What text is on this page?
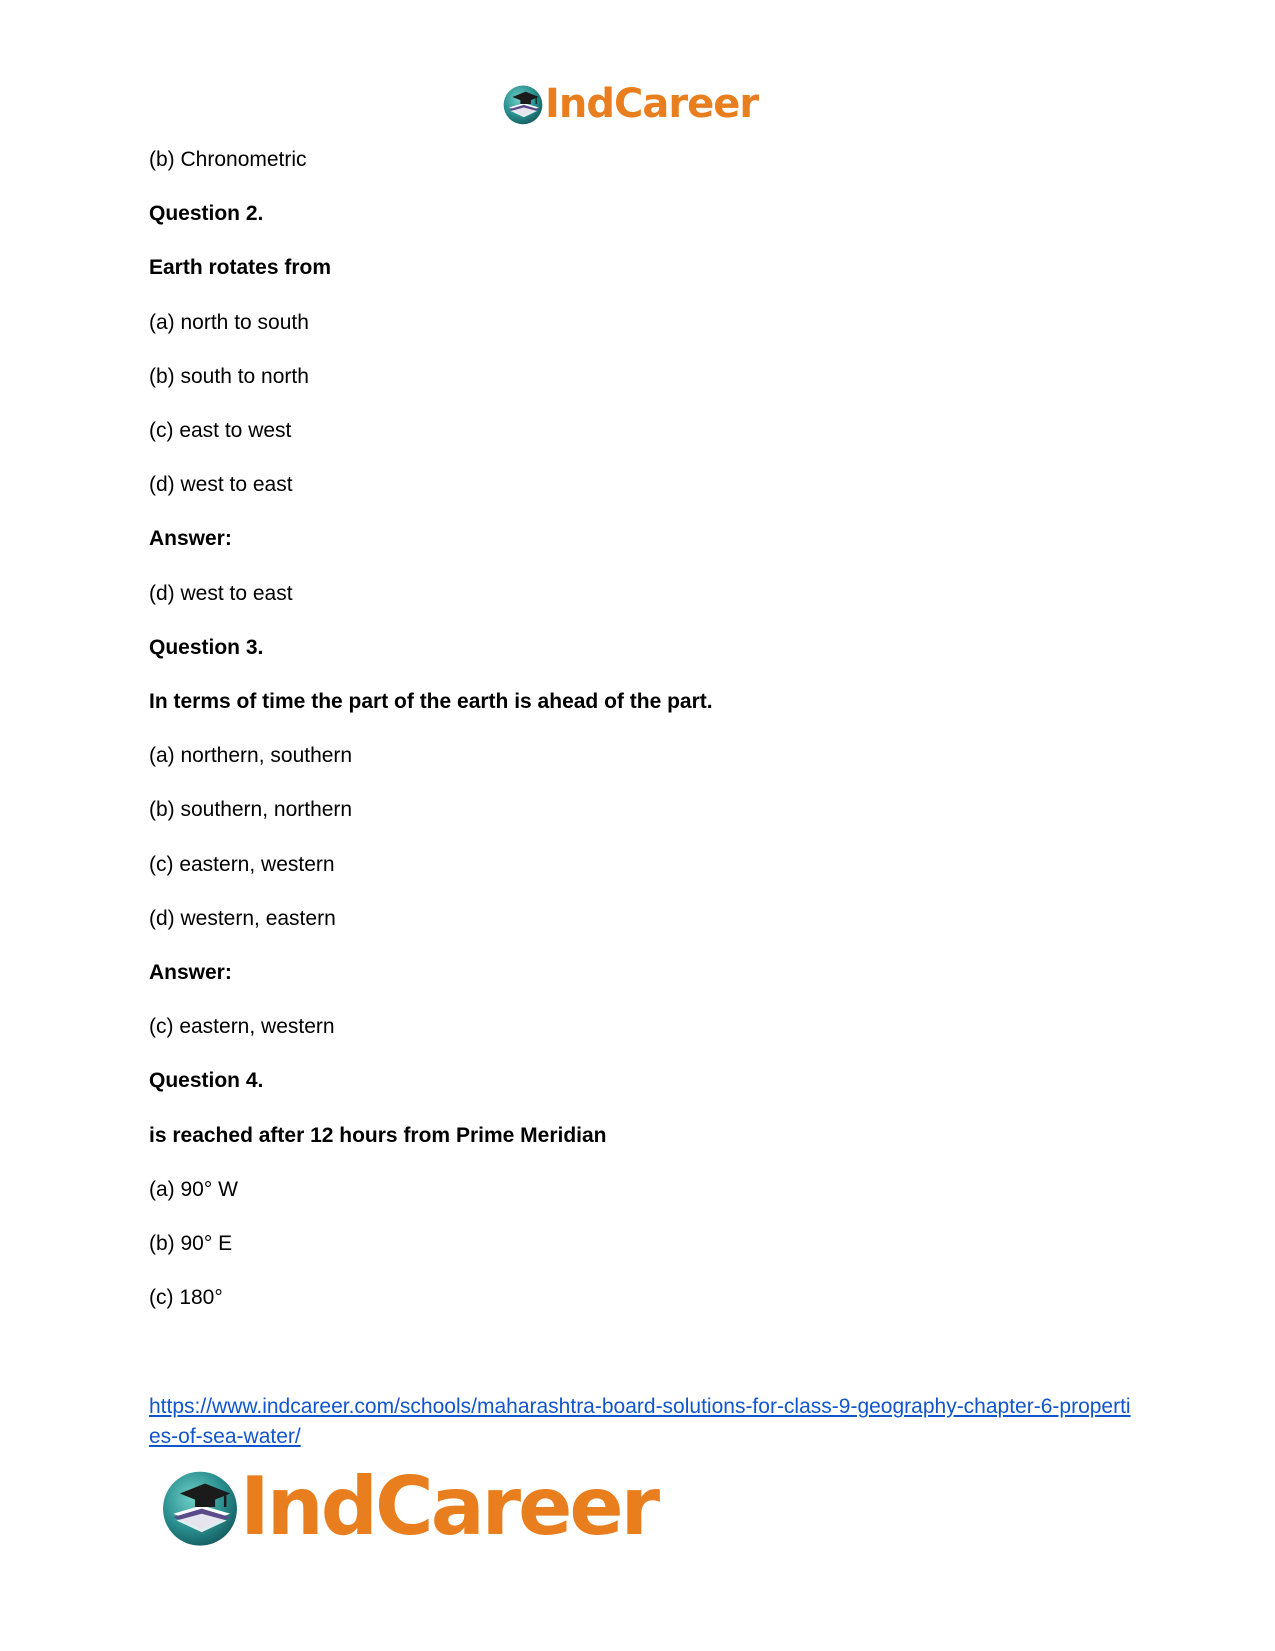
IndCareer
(b) Chronometric
Question 2.
Earth rotates from
(a) north to south
(b) south to north
(c) east to west
(d) west to east
Answer:
(d) west to east
Question 3.
In terms of time the part of the earth is ahead of the part.
(a) northern, southern
(b) southern, northern
(c) eastern, western
(d) western, eastern
Answer:
(c) eastern, western
Question 4.
is reached after 12 hours from Prime Meridian
(a) 90° W
(b) 90° E
(c) 180°
https://www.indcareer.com/schools/maharashtra-board-solutions-for-class-9-geography-chapter-6-properties-of-sea-water/
IndCareer
